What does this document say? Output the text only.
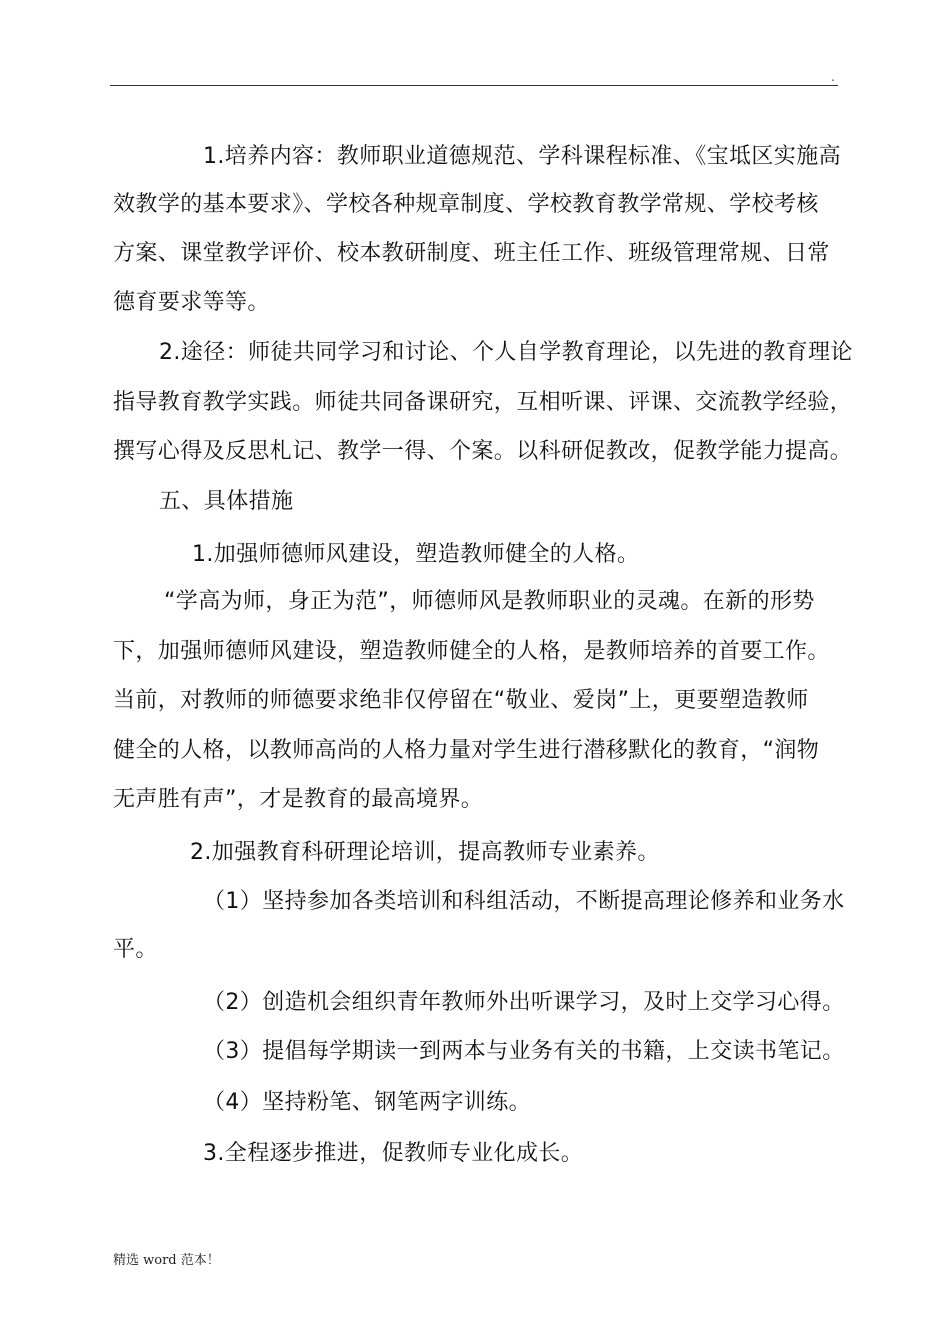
.
1.培养内容：教师职业道德规范、学科课程标准、《宝坻区实施高
效教学的基本要求》、学校各种规章制度、学校教育教学常规、学校考核
方案、课堂教学评价、校本教研制度、班主任工作、班级管理常规、日常
德育要求等等。
2.途径：师徒共同学习和讨论、个人自学教育理论，以先进的教育理论
指导教育教学实践。师徒共同备课研究，互相听课、评课、交流教学经验，
撰写心得及反思札记、教学一得、个案。以科研促教改，促教学能力提高。
五、具体措施
1.加强师德师风建设，塑造教师健全的人格。
“学高为师，身正为范”，师德师风是教师职业的灵魂。在新的形势
下，加强师德师风建设，塑造教师健全的人格，是教师培养的首要工作。
当前，对教师的师德要求绝非仅停留在“敬业、爱岗”上，更要塑造教师
健全的人格，以教师高尚的人格力量对学生进行潜移默化的教育，“润物
无声胜有声”，才是教育的最高境界。
2.加强教育科研理论培训，提高教师专业素养。
（1）坚持参加各类培训和科组活动，不断提高理论修养和业务水
平。
（2）创造机会组织青年教师外出听课学习，及时上交学习心得。
（3）提倡每学期读一到两本与业务有关的书籍，上交读书笔记。
（4）坚持粉笔、钢笔两字训练。
3.全程逐步推进，促教师专业化成长。
精选 word 范本！
